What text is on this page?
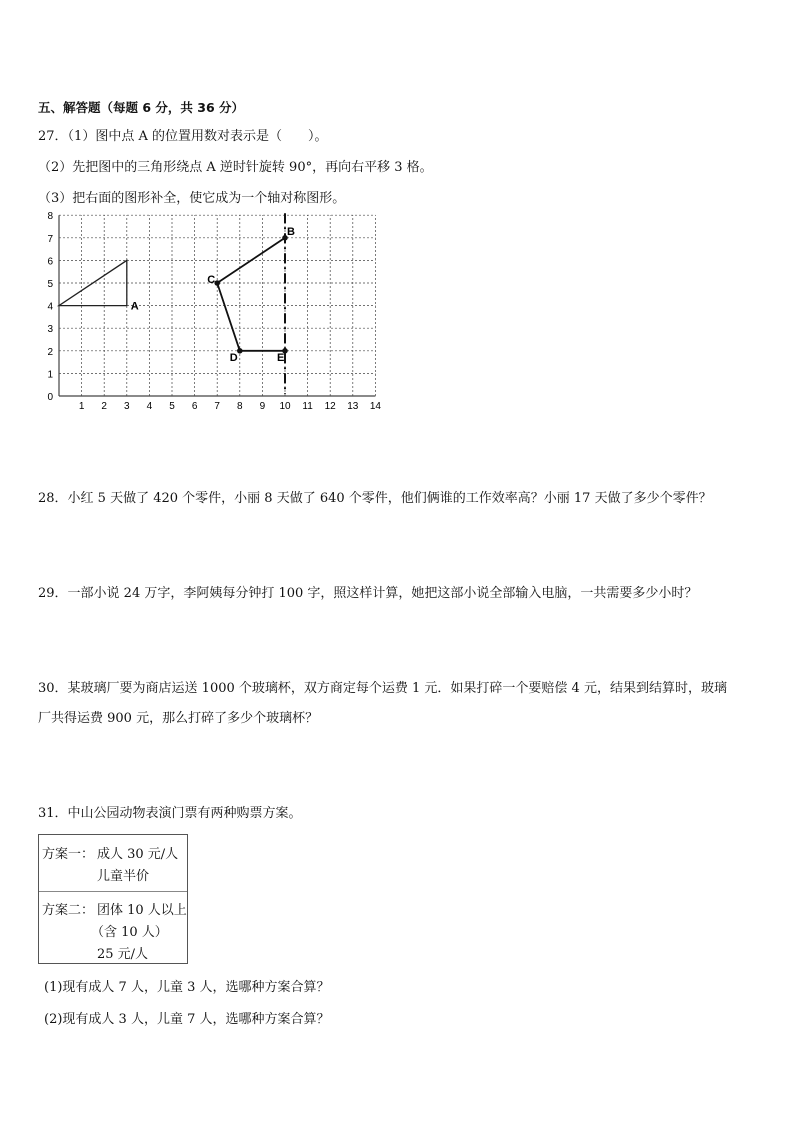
五、解答题（每题 6 分，共 36 分）
27．（1）图中点 A 的位置用数对表示是（　　）。
（2）先把图中的三角形绕点 A 逆时针旋转 90°，再向右平移 3 格。
（3）把右面的图形补全，使它成为一个轴对称图形。
1 2 3 4 5 6 7 8 9 10 11 12 13 14
0
1
2
3
4
5
6
7
8
A
B
C
D	E
28．小红 5 天做了 420 个零件，小丽 8 天做了 640 个零件，他们俩谁的工作效率高？小丽 17 天做了多少个零件？
29．一部小说 24 万字，李阿姨每分钟打 100 字，照这样计算，她把这部小说全部输入电脑，一共需要多少小时？
30．某玻璃厂要为商店运送 1000 个玻璃杯，双方商定每个运费 1 元．如果打碎一个要赔偿 4 元，结果到结算时，玻璃
厂共得运费 900 元，那么打碎了多少个玻璃杯？
31．中山公园动物表演门票有两种购票方案。
方案一： 成人 30 元/人
儿童半价
方案二： 团体 10 人以上
（含 10 人）
25 元/人
(1)现有成人 7 人，儿童 3 人，选哪种方案合算？
(2)现有成人 3 人，儿童 7 人，选哪种方案合算？
